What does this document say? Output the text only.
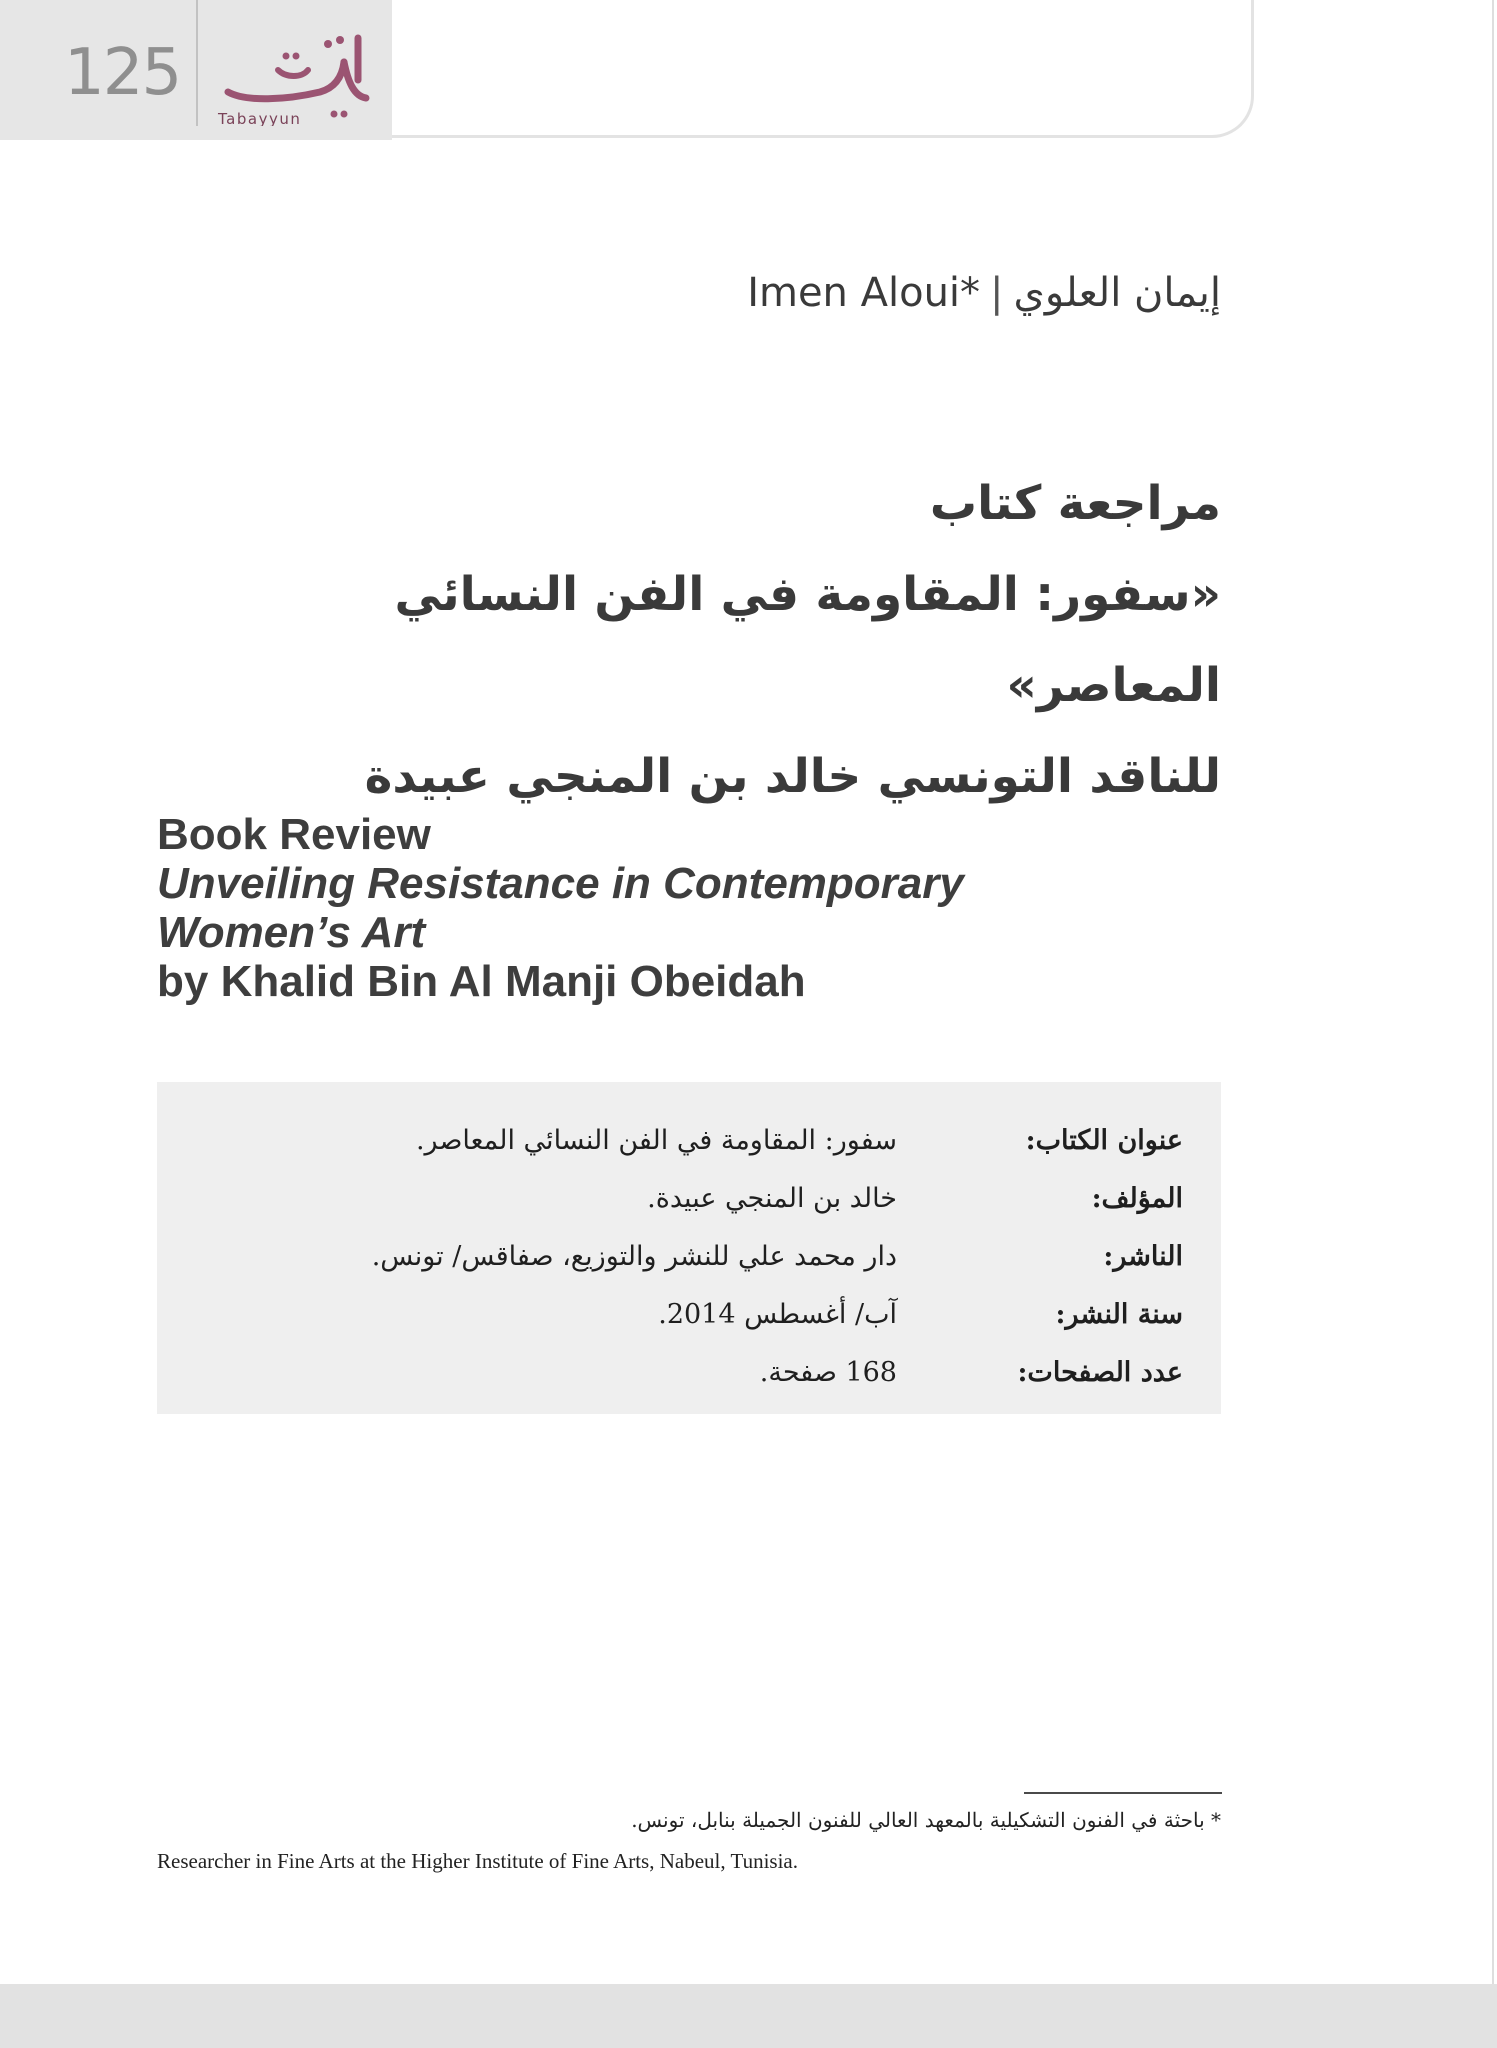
125
Tabayyun
إيمان العلوي|Imen Aloui*
مراجعة كتاب
«سفور: المقاومة في الفن النسائي
المعاصر»
للناقد التونسي خالد بن المنجي عبيدة
Book Review
Unveiling Resistance in Contemporary
Women’s Art
by Khalid Bin Al Manji Obeidah
عنوان الكتاب:
سفور: المقاومة في الفن النسائي المعاصر.
المؤلف:
خالد بن المنجي عبيدة.
الناشر:
دار محمد علي للنشر والتوزيع، صفاقس/ تونس.
سنة النشر:
آب/ أغسطس 2014.
عدد الصفحات:
168 صفحة.
* باحثة في الفنون التشكيلية بالمعهد العالي للفنون الجميلة بنابل، تونس.
Researcher in Fine Arts at the Higher Institute of Fine Arts, Nabeul, Tunisia.
